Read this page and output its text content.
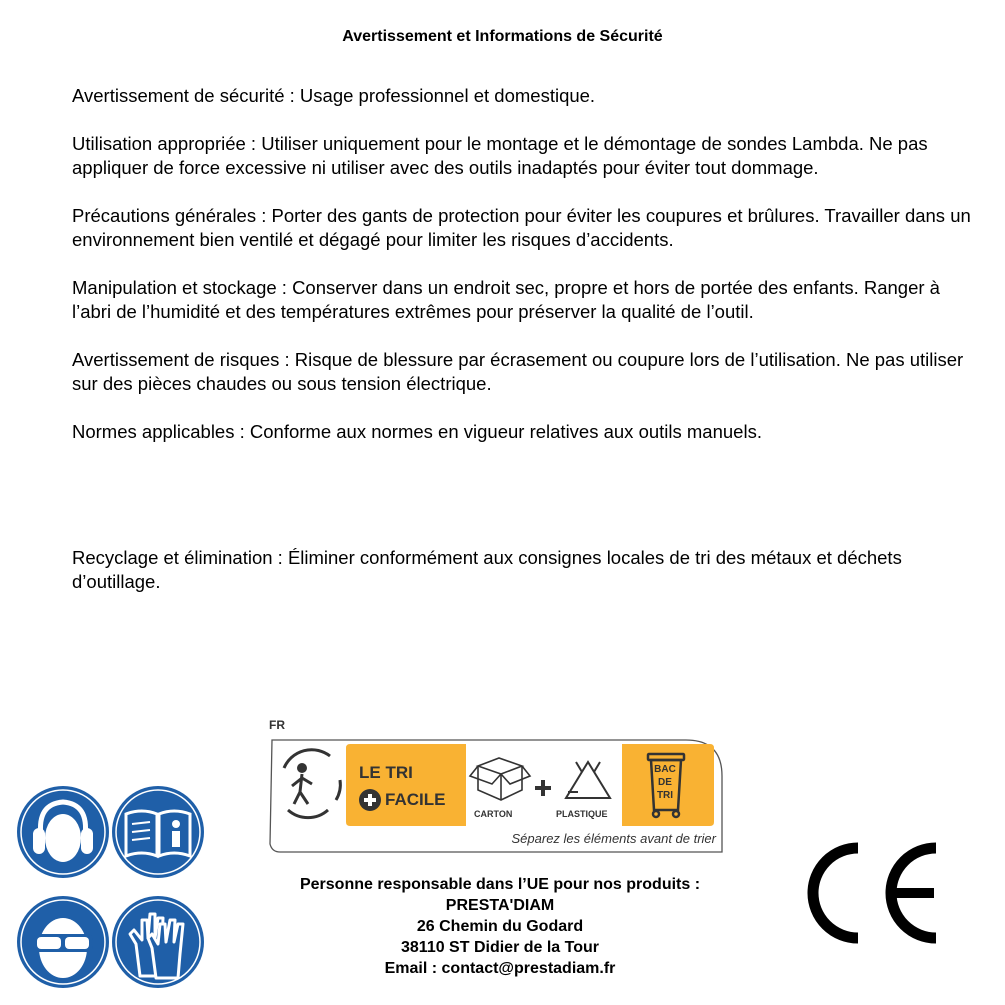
Avertissement et Informations de Sécurité
Avertissement de sécurité : Usage professionnel et domestique.
Utilisation appropriée : Utiliser uniquement pour le montage et le démontage de sondes Lambda. Ne pas appliquer de force excessive ni utiliser avec des outils inadaptés pour éviter tout dommage.
Précautions générales : Porter des gants de protection pour éviter les coupures et brûlures. Travailler dans un environnement bien ventilé et dégagé pour limiter les risques d’accidents.
Manipulation et stockage : Conserver dans un endroit sec, propre et hors de portée des enfants. Ranger à l’abri de l’humidité et des températures extrêmes pour préserver la qualité de l’outil.
Avertissement de risques : Risque de blessure par écrasement ou coupure lors de l’utilisation. Ne pas utiliser sur des pièces chaudes ou sous tension électrique.
Normes applicables : Conforme aux normes en vigueur relatives aux outils manuels.
Recyclage et élimination : Éliminer conformément aux consignes locales de tri des métaux et déchets d’outillage.
FR
LE TRI
FACILE
CARTON	PLASTIQUE
BAC
DE
TRI
Séparez les éléments avant de trier
Personne responsable dans l’UE pour nos produits :
PRESTA'DIAM
26 Chemin du Godard
38110 ST Didier de la Tour
Email : contact@prestadiam.fr
